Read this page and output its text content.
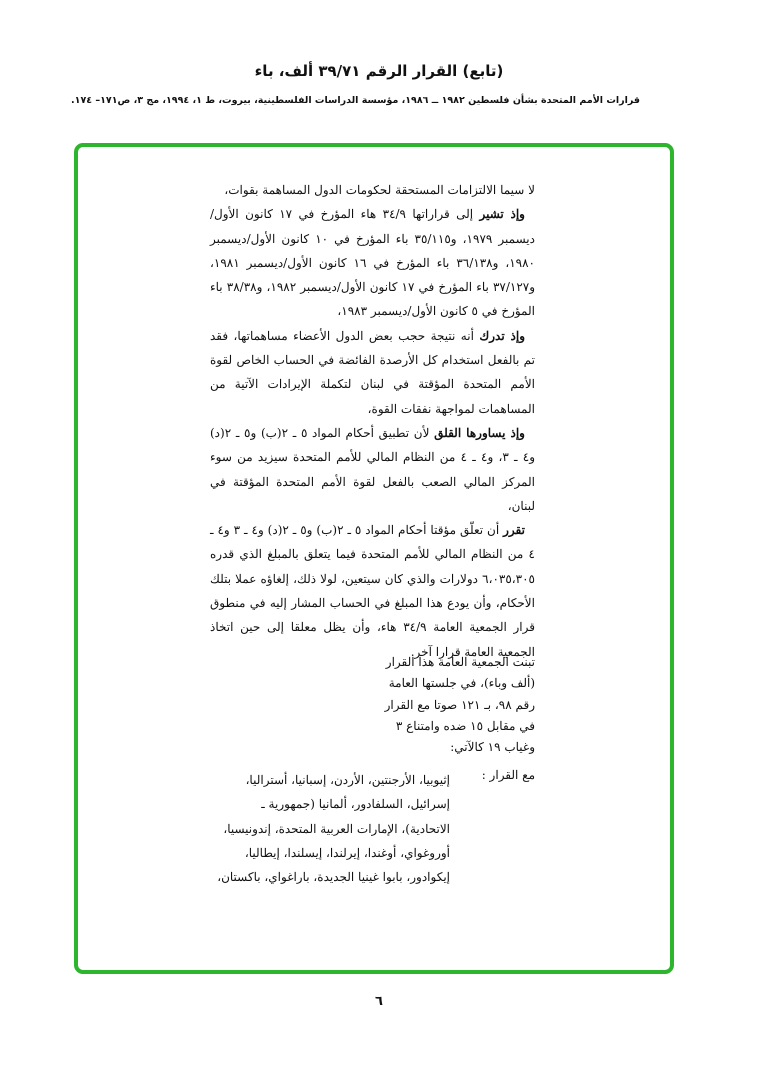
(تابع) القرار الرقم ٣٩/٧١ ألف، باء
قرارات الأمم المتحدة بشأن فلسطين ١٩٨٢ ــ ١٩٨٦، مؤسسة الدراسات الفلسطينية، بيروت، ط ١، ١٩٩٤، مج ٣، ص١٧١– ١٧٤.

لا سيما الالتزامات المستحقة لحكومات الدول المساهمة بقوات،

وإذ تشير إلى قراراتها ٣٤/٩ هاء المؤرخ في ١٧ كانون الأول/ديسمبر ١٩٧٩، و٣٥/١١٥ باء المؤرخ في ١٠ كانون الأول/ديسمبر ١٩٨٠، و٣٦/١٣٨ باء المؤرخ في ١٦ كانون الأول/ديسمبر ١٩٨١، و٣٧/١٢٧ باء المؤرخ في ١٧ كانون الأول/ديسمبر ١٩٨٢، و٣٨/٣٨ باء المؤرخ في ٥ كانون الأول/ديسمبر ١٩٨٣،

وإذ تدرك أنه نتيجة حجب بعض الدول الأعضاء مساهماتها، فقد تم بالفعل استخدام كل الأرصدة الفائضة في الحساب الخاص لقوة الأمم المتحدة المؤقتة في لبنان لتكملة الإيرادات الآتية من المساهمات لمواجهة نفقات القوة،

وإذ يساورها القلق لأن تطبيق أحكام المواد ٥ ـ ٢(ب) و٥ ـ ٢(د) و٤ ـ ٣، و٤ ـ ٤ من النظام المالي للأمم المتحدة سيزيد من سوء المركز المالي الصعب بالفعل لقوة الأمم المتحدة المؤقتة في لبنان،

تقرر أن تعلّق مؤقتا أحكام المواد ٥ ـ ٢(ب) و٥ ـ ٢(د) و٤ ـ ٣ و٤ ـ ٤ من النظام المالي للأمم المتحدة فيما يتعلق بالمبلغ الذي قدره ٦،٠٣٥،٣٠٥ دولارات والذي كان سيتعين، لولا ذلك، إلغاؤه عملا بتلك الأحكام، وأن يودع هذا المبلغ في الحساب المشار إليه في منطوق قرار الجمعية العامة ٣٤/٩ هاء، وأن يظل معلقا إلى حين اتخاذ الجمعية العامة قرارا آخر.

تبنت الجمعية العامة هذا القرار

(ألف وباء)، في جلستها العامة

رقم ٩٨، بـ ١٢١ صوتا مع القرار

في مقابل ١٥ ضده وامتناع ٣

وغياب ١٩ كالآتي:

مع القرار :

إثيوبيا، الأرجنتين، الأردن، إسبانيا، أستراليا،

إسرائيل، السلفادور، ألمانيا (جمهورية ـ

الاتحادية)، الإمارات العربية المتحدة، إندونيسيا،

أوروغواي، أوغندا، إيرلندا، إيسلندا، إيطاليا،

إيكوادور، بابوا غينيا الجديدة، باراغواي، باكستان،

٦
